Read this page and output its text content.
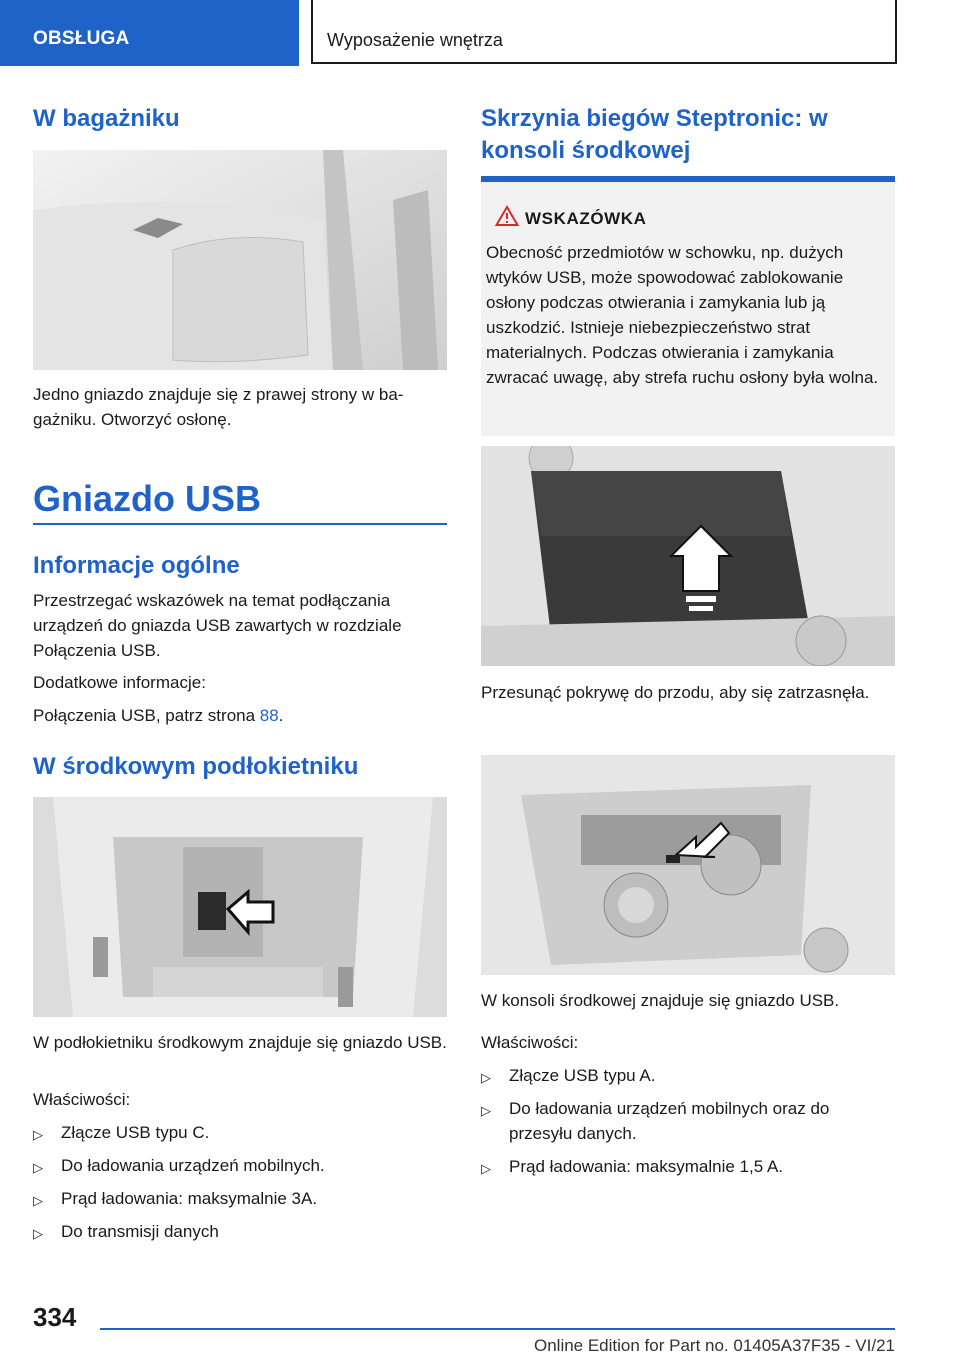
OBSŁUGA	Wyposażenie wnętrza
W bagażniku

Jedno gniazdo znajduje się z prawej strony w bagażniku. Otworzyć osłonę.

Gniazdo USB
Informacje ogólne

Przestrzegać wskazówek na temat podłączania urządzeń do gniazda USB zawartych w rozdziale Połączenia USB.

Dodatkowe informacje:

Połączenia USB, patrz strona 88.

W środkowym podłokietniku

W podłokietniku środkowym znajduje się gniazdo USB.

Właściwości:

▷ Złącze USB typu C.
▷ Do ładowania urządzeń mobilnych.
▷ Prąd ładowania: maksymalnie 3A.
▷ Do transmisji danych
Skrzynia biegów Steptronic: w konsoli środkowej
WSKAZÓWKA

Obecność przedmiotów w schowku, np. dużych wtyków USB, może spowodować zablokowanie osłony podczas otwierania i zamykania lub ją uszkodzić. Istnieje niebezpieczeństwo strat materialnych. Podczas otwierania i zamykania zwracać uwagę, aby strefa ruchu osłony była wolna.

Przesunąć pokrywę do przodu, aby się zatrzasnęła.

W konsoli środkowej znajduje się gniazdo USB.

Właściwości:

▷ Złącze USB typu A.
▷ Do ładowania urządzeń mobilnych oraz do przesyłu danych.
▷ Prąd ładowania: maksymalnie 1,5 A.
334
Online Edition for Part no. 01405A37F35 - VI/21
